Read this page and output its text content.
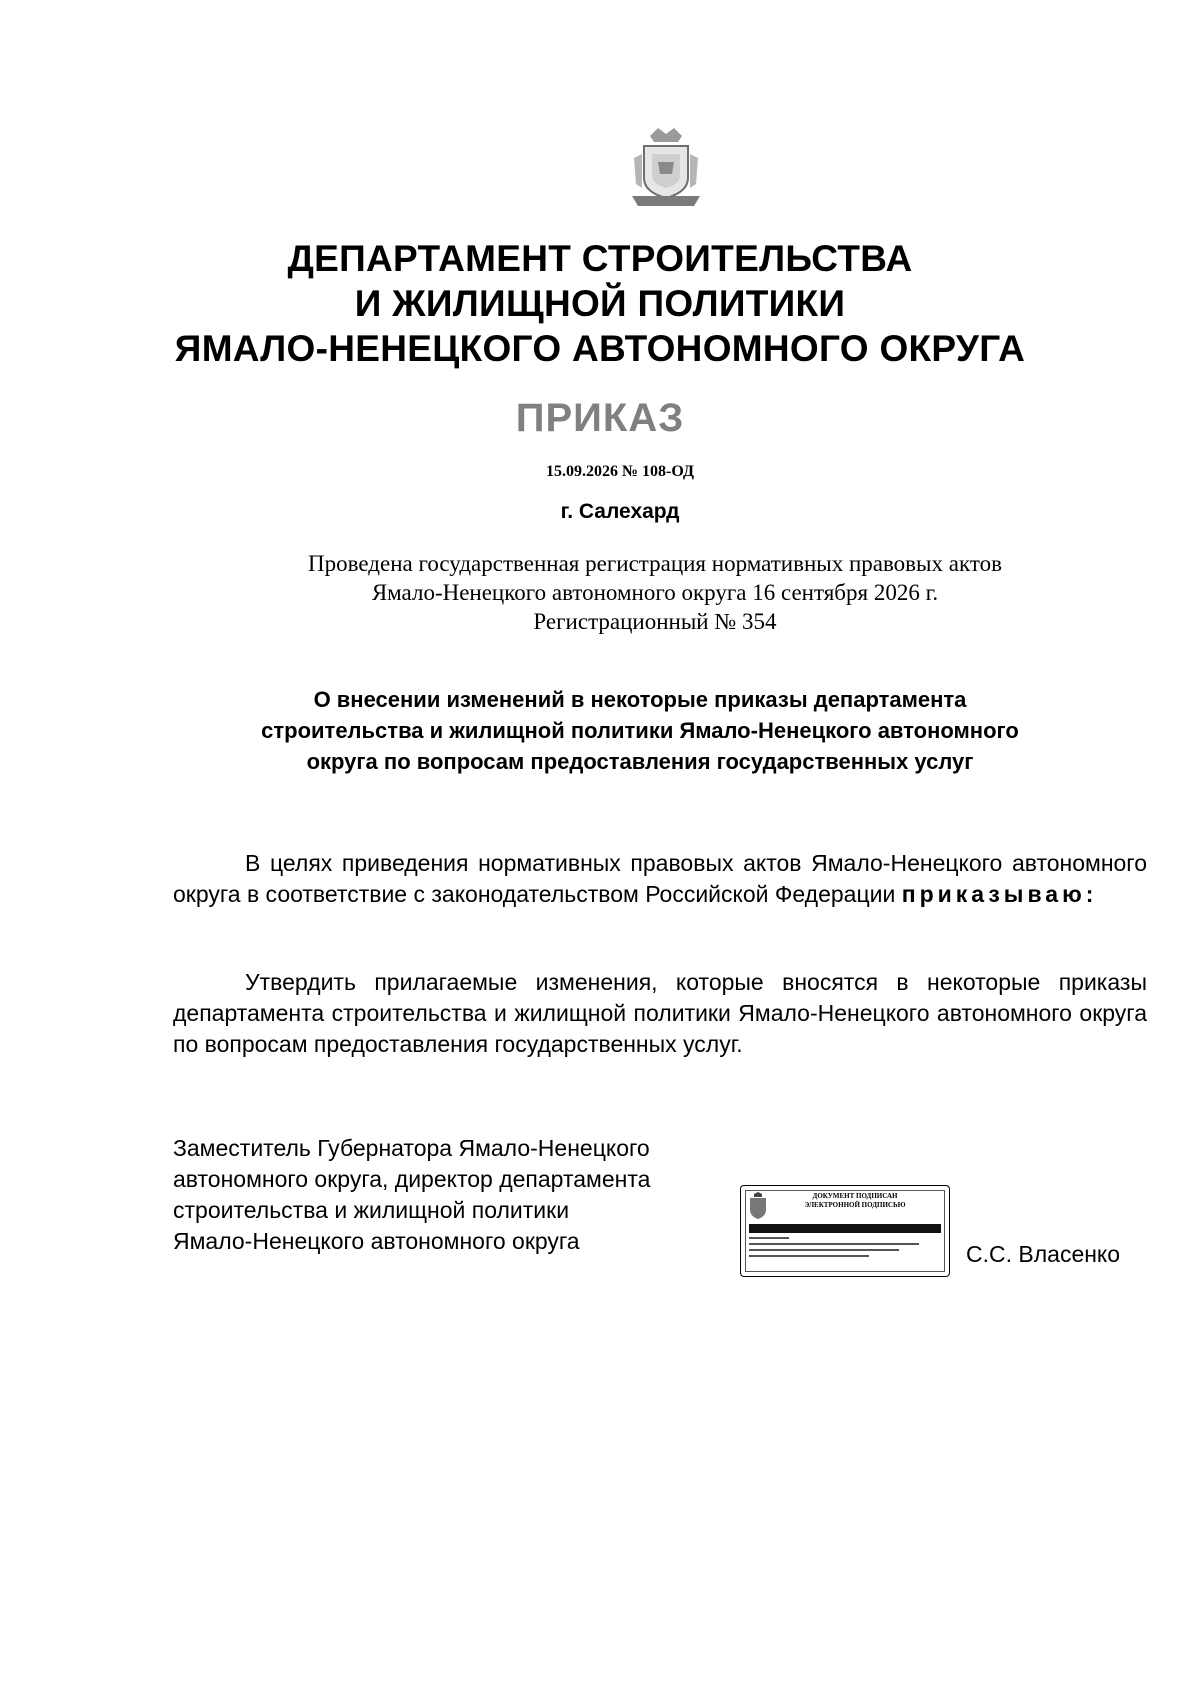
ДЕПАРТАМЕНТ СТРОИТЕЛЬСТВА
И ЖИЛИЩНОЙ ПОЛИТИКИ
ЯМАЛО-НЕНЕЦКОГО АВТОНОМНОГО ОКРУГА
ПРИКАЗ
15.09.2026 № 108-ОД
г. Салехард
Проведена государственная регистрация нормативных правовых актов
Ямало-Ненецкого автономного округа 16 сентября 2026 г.
Регистрационный № 354
О внесении изменений в некоторые приказы департамента
строительства и жилищной политики Ямало-Ненецкого автономного
округа по вопросам предоставления государственных услуг
В целях приведения нормативных правовых актов Ямало-Ненецкого автономного округа в соответствие с законодательством Российской Федерации приказываю:
Утвердить прилагаемые изменения, которые вносятся в некоторые приказы департамента строительства и жилищной политики Ямало-Ненецкого автономного округа по вопросам предоставления государственных услуг.
Заместитель Губернатора Ямало-Ненецкого
автономного округа, директор департамента
строительства и жилищной политики
Ямало-Ненецкого автономного округа
ДОКУМЕНТ ПОДПИСАН
ЭЛЕКТРОННОЙ ПОДПИСЬЮ
С.С. Власенко
